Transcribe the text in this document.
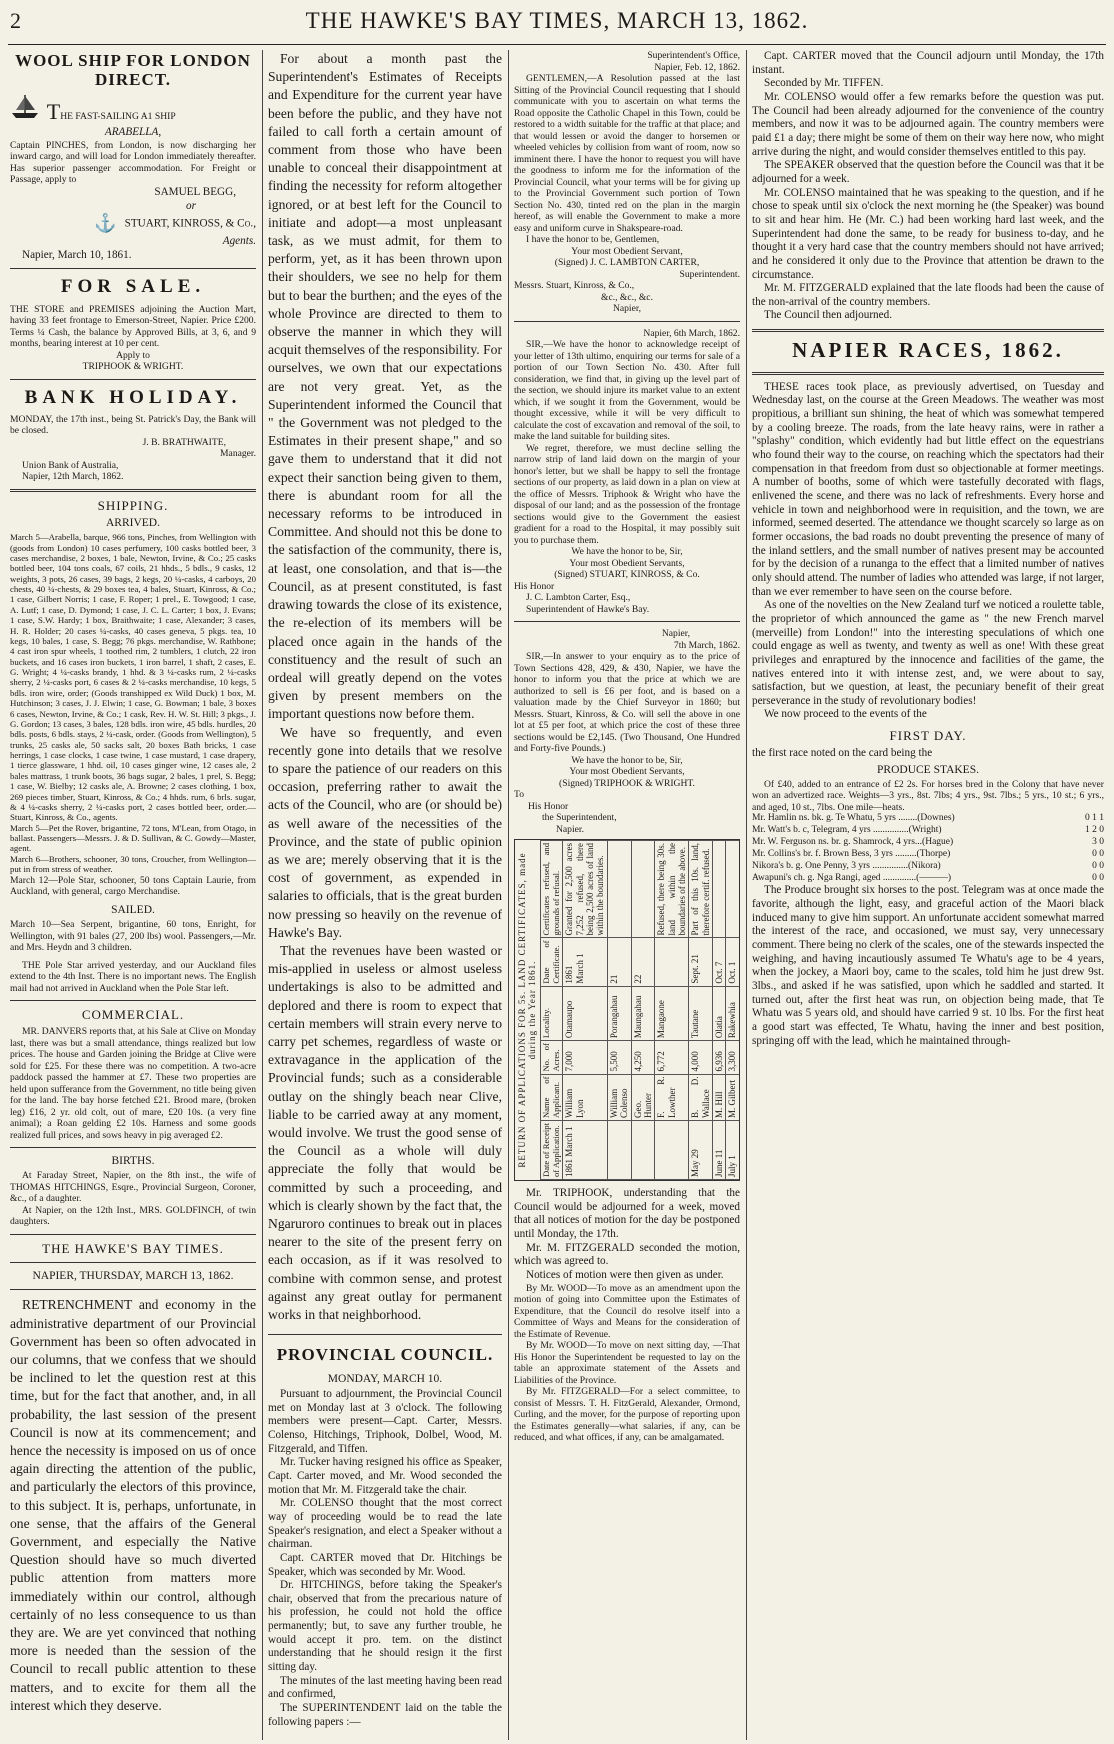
2	THE HAWKE'S BAY TIMES, MARCH 13, 1862.
WOOL SHIP FOR LONDON DIRECT.

THE FAST-SAILING A1 SHIP

ARABELLA,

Captain PINCHES, from London, is now discharging her inward cargo, and will load for London immediately thereafter. Has superior passenger accommodation. For Freight or Passage, apply to

SAMUEL BEGG,

or

⚓ STUART, KINROSS, & Co.,

Agents.

Napier, March 10, 1861.

FOR SALE.

THE STORE and PREMISES adjoining the Auction Mart, having 33 feet frontage to Emerson-Street, Napier. Price £200. Terms ¼ Cash, the balance by Approved Bills, at 3, 6, and 9 months, bearing interest at 10 per cent.

Apply to

TRIPHOOK & WRIGHT.

BANK HOLIDAY.

MONDAY, the 17th inst., being St. Patrick's Day, the Bank will be closed.

J. B. BRATHWAITE,

Manager.

Union Bank of Australia,

Napier, 12th March, 1862.

SHIPPING.
ARRIVED.

March 5—Arabella, barque, 966 tons, Pinches, from Wellington with (goods from London) 10 cases perfumery, 100 casks bottled beer, 3 cases merchandise, 2 boxes, 1 bale, Newton, Irvine, & Co.; 25 casks bottled beer, 104 tons coals, 67 coils, 21 hhds., 5 bdls., 9 casks, 12 weights, 3 pots, 26 cases, 39 bags, 2 kegs, 20 ¼-casks, 4 carboys, 20 chests, 40 ¼-chests, & 29 boxes tea, 4 bales, Stuart, Kinross, & Co.; 1 case, Gilbert Norris; 1 case, F. Roper; 1 prel., E. Towgood; 1 case, A. Lutf; 1 case, D. Dymond; 1 case, J. C. L. Carter; 1 box, J. Evans; 1 case, S.W. Hardy; 1 box, Braithwaite; 1 case, Alexander; 3 cases, H. R. Holder; 20 cases ¼-casks, 40 cases geneva, 5 pkgs. tea, 10 kegs, 10 bales, 1 case, S. Begg; 76 pkgs. merchandise, W. Rathbone; 4 cast iron spur wheels, 1 toothed rim, 2 tumblers, 1 clutch, 22 iron buckets, and 16 cases iron buckets, 1 iron barrel, 1 shaft, 2 cases, E. G. Wright; 4 ¼-casks brandy, 1 hhd. & 3 ¼-casks rum, 2 ¼-casks sherry, 2 ¼-casks port, 6 cases & 2 ¼-casks merchandise, 10 kegs, 5 bdls. iron wire, order; (Goods transhipped ex Wild Duck) 1 box, M. Hutchinson; 3 cases, J. J. Elwin; 1 case, G. Bowman; 1 bale, 3 boxes 6 cases, Newton, Irvine, & Co.; 1 cask, Rev. H. W. St. Hill; 3 pkgs., J. G. Gordon; 13 cases, 3 bales, 128 bdls. iron wire, 45 bdls. hurdles, 20 bdls. posts, 6 bdls. stays, 2 ¼-cask, order. (Goods from Wellington), 5 trunks, 25 casks ale, 50 sacks salt, 20 boxes Bath bricks, 1 case herrings, 1 case clocks, 1 case twine, 1 case mustard, 1 case drapery, 1 tierce glassware, 1 hhd. oil, 10 cases ginger wine, 12 cases ale, 2 bales mattrass, 1 trunk boots, 36 bags sugar, 2 bales, 1 prel, S. Begg; 1 case, W. Bielby; 12 casks ale, A. Browne; 2 cases clothing, 1 box, 269 pieces timber, Stuart, Kinross, & Co.; 4 hhds. rum, 6 brls. sugar, & 4 ¼-casks sherry, 2 ¼-casks port, 2 cases bottled beer, order.—Stuart, Kinross, & Co., agents.

March 5—Pet the Rover, brigantine, 72 tons, M'Lean, from Otago, in ballast. Passengers—Messrs. J. & D. Sullivan, & C. Gowdy—Master, agent.

March 6—Brothers, schooner, 30 tons, Croucher, from Wellington—put in from stress of weather.

March 12—Pole Star, schooner, 50 tons Captain Laurie, from Auckland, with general, cargo Merchandise.

SAILED.

March 10—Sea Serpent, brigantine, 60 tons, Enright, for Wellington, with 91 bales (27, 200 lbs) wool. Passengers,—Mr. and Mrs. Heydn and 3 children.

THE Pole Star arrived yesterday, and our Auckland files extend to the 4th Inst. There is no important news. The English mail had not arrived in Auckland when the Pole Star left.

COMMERCIAL.

MR. DANVERS reports that, at his Sale at Clive on Monday last, there was but a small attendance, things realized but low prices. The house and Garden joining the Bridge at Clive were sold for £25. For these there was no competition. A two-acre paddock passed the hammer at £7. These two properties are held upon sufferance from the Government, no title being given for the land. The bay horse fetched £21. Brood mare, (broken leg) £16, 2 yr. old colt, out of mare, £20 10s. (a very fine animal); a Roan gelding £2 10s. Harness and some goods realized full prices, and sows heavy in pig averaged £2.

BIRTHS.

At Faraday Street, Napier, on the 8th inst., the wife of THOMAS HITCHINGS, Esqre., Provincial Surgeon, Coroner, &c., of a daughter.

At Napier, on the 12th Inst., MRS. GOLDFINCH, of twin daughters.

THE HAWKE'S BAY TIMES.
NAPIER, THURSDAY, MARCH 13, 1862.

RETRENCHMENT and economy in the administrative department of our Provincial Government has been so often advocated in our columns, that we confess that we should be inclined to let the question rest at this time, but for the fact that another, and, in all probability, the last session of the present Council is now at its commencement; and hence the necessity is imposed on us of once again directing the attention of the public, and particularly the electors of this province, to this subject. It is, perhaps, unfortunate, in one sense, that the affairs of the General Government, and especially the Native Question should have so much diverted public attention from matters more immediately within our control, although certainly of no less consequence to us than they are. We are yet convinced that nothing more is needed than the session of the Council to recall public attention to these matters, and to excite for them all the interest which they deserve.

For about a month past the Superintendent's Estimates of Receipts and Expenditure for the current year have been before the public, and they have not failed to call forth a certain amount of comment from those who have been unable to conceal their disappointment at finding the necessity for reform altogether ignored, or at best left for the Council to initiate and adopt—a most unpleasant task, as we must admit, for them to perform, yet, as it has been thrown upon their shoulders, we see no help for them but to bear the burthen; and the eyes of the whole Province are directed to them to observe the manner in which they will acquit themselves of the responsibility. For ourselves, we own that our expectations are not very great. Yet, as the Superintendent informed the Council that " the Government was not pledged to the Estimates in their present shape," and so gave them to understand that it did not expect their sanction being given to them, there is abundant room for all the necessary reforms to be introduced in Committee. And should not this be done to the satisfaction of the community, there is, at least, one consolation, and that is—the Council, as at present constituted, is fast drawing towards the close of its existence, the re-election of its members will be placed once again in the hands of the constituency and the result of such an ordeal will greatly depend on the votes given by present members on the important questions now before them.

We have so frequently, and even recently gone into details that we resolve to spare the patience of our readers on this occasion, preferring rather to await the acts of the Council, who are (or should be) as well aware of the necessities of the Province, and the state of public opinion as we are; merely observing that it is the cost of government, as expended in salaries to officials, that is the great burden now pressing so heavily on the revenue of Hawke's Bay.

That the revenues have been wasted or mis-applied in useless or almost useless undertakings is also to be admitted and deplored and there is room to expect that certain members will strain every nerve to carry pet schemes, regardless of waste or extravagance in the application of the Provincial funds; such as a considerable outlay on the shingly beach near Clive, liable to be carried away at any moment, would involve. We trust the good sense of the Council as a whole will duly appreciate the folly that would be committed by such a proceeding, and which is clearly shown by the fact that, the Ngaruroro continues to break out in places nearer to the site of the present ferry on each occasion, as if it was resolved to combine with common sense, and protest against any great outlay for permanent works in that neighborhood.

PROVINCIAL COUNCIL.
MONDAY, MARCH 10.

Pursuant to adjournment, the Provincial Council met on Monday last at 3 o'clock. The following members were present—Capt. Carter, Messrs. Colenso, Hitchings, Triphook, Dolbel, Wood, M. Fitzgerald, and Tiffen.

Mr. Tucker having resigned his office as Speaker, Capt. Carter moved, and Mr. Wood seconded the motion that Mr. M. Fitzgerald take the chair.

Mr. COLENSO thought that the most correct way of proceeding would be to read the late Speaker's resignation, and elect a Speaker without a chairman.

Capt. CARTER moved that Dr. Hitchings be Speaker, which was seconded by Mr. Wood.

Dr. HITCHINGS, before taking the Speaker's chair, observed that from the precarious nature of his profession, he could not hold the office permanently; but, to save any further trouble, he would accept it pro. tem. on the distinct understanding that he should resign it the first sitting day.

The minutes of the last meeting having been read and confirmed,

The SUPERINTENDENT laid on the table the following papers :—

Superintendent's Office,

Napier, Feb. 12, 1862.

GENTLEMEN,—A Resolution passed at the last Sitting of the Provincial Council requesting that I should communicate with you to ascertain on what terms the Road opposite the Catholic Chapel in this Town, could be restored to a width suitable for the traffic at that place; and that would lessen or avoid the danger to horsemen or wheeled vehicles by collision from want of room, now so imminent there. I have the honor to request you will have the goodness to inform me for the information of the Provincial Council, what your terms will be for giving up to the Provincial Government such portion of Town Section No. 430, tinted red on the plan in the margin hereof, as will enable the Government to make a more easy and uniform curve in Shakspeare-road.

I have the honor to be, Gentlemen,

Your most Obedient Servant,

(Signed) J. C. LAMBTON CARTER,

Superintendent.

Messrs. Stuart, Kinross, & Co.,

&c., &c., &c.

Napier,

Napier, 6th March, 1862.

SIR,—We have the honor to acknowledge receipt of your letter of 13th ultimo, enquiring our terms for sale of a portion of our Town Section No. 430. After full consideration, we find that, in giving up the level part of the section, we should injure its market value to an extent which, if we sought it from the Government, would be thought excessive, while it will be very difficult to calculate the cost of excavation and removal of the soil, to make the land suitable for building sites.

We regret, therefore, we must decline selling the narrow strip of land laid down on the margin of your honor's letter, but we shall be happy to sell the frontage sections of our property, as laid down in a plan on view at the office of Messrs. Triphook & Wright who have the disposal of our land; and as the possession of the frontage sections would give to the Government the easiest gradient for a road to the Hospital, it may possibly suit you to purchase them.

We have the honor to be, Sir,

Your most Obedient Servants,

(Signed) STUART, KINROSS, & Co.

His Honor

J. C. Lambton Carter, Esq.,

Superintendent of Hawke's Bay.

Napier,

7th March, 1862.

SIR,—In answer to your enquiry as to the price of Town Sections 428, 429, & 430, Napier, we have the honor to inform you that the price at which we are authorized to sell is £6 per foot, and is based on a valuation made by the Chief Surveyor in 1860; but Messrs. Stuart, Kinross, & Co. will sell the above in one lot at £5 per foot, at which price the cost of these three sections would be £2,145. (Two Thousand, One Hundred and Forty-five Pounds.)

We have the honor to be, Sir,

Your most Obedient Servants,

(Signed) TRIPHOOK & WRIGHT.

To

His Honor

the Superintendent,

Napier.

RETURN OF APPLICATIONS FOR 5s. LAND CERTIFICATES, made during the Year 1861.
Date of Receipt of Application.	Name of Applicant.	No. of Acres.	Locality.	Date of Certificate.	Certificates refused, and grounds of refusal.
1861 March 1	William Lyon	7,000	Otamaupo	1861 March 1	Granted for 2,500 acres 7,252 refused, there being 2,500 acres of land within the boundaries.
	William Colenso	5,500	Porangahau	21	
	Geo. Hunter	4,250	Maungahau	22	
	F. R. Lowther	6,772	Mangaone		Refused, there being 30s. land within the boundaries of the above.
May 29	B. D. Wallace	4,000	Tautane	Sept. 21	Part of this 10s. land, therefore certif. refused.
June 11	M. Hill	6,936	Olatia	Oct. 7	
July 1	M. Gilbert	3,300	Rakewhia	Oct. 1	

Mr. TRIPHOOK, understanding that the Council would be adjourned for a week, moved that all notices of motion for the day be postponed until Monday, the 17th.

Mr. M. FITZGERALD seconded the motion, which was agreed to.

Notices of motion were then given as under.

By Mr. WOOD—To move as an amendment upon the motion of going into Committee upon the Estimates of Expenditure, that the Council do resolve itself into a Committee of Ways and Means for the consideration of the Estimate of Revenue.

By Mr. WOOD—To move on next sitting day, —That His Honor the Superintendent be requested to lay on the table an approximate statement of the Assets and Liabilities of the Province.

By Mr. FITZGERALD—For a select committee, to consist of Messrs. T. H. FitzGerald, Alexander, Ormond, Curling, and the mover, for the purpose of reporting upon the Estimates generally—what salaries, if any, can be reduced, and what offices, if any, can be amalgamated.

Capt. CARTER moved that the Council adjourn until Monday, the 17th instant.

Seconded by Mr. TIFFEN.

Mr. COLENSO would offer a few remarks before the question was put. The Council had been already adjourned for the convenience of the country members, and now it was to be adjourned again. The country members were paid £1 a day; there might be some of them on their way here now, who might arrive during the night, and would consider themselves entitled to this pay.

The SPEAKER observed that the question before the Council was that it be adjourned for a week.

Mr. COLENSO maintained that he was speaking to the question, and if he chose to speak until six o'clock the next morning he (the Speaker) was bound to sit and hear him. He (Mr. C.) had been working hard last week, and the Superintendent had done the same, to be ready for business to-day, and he thought it a very hard case that the country members should not have arrived; and he considered it only due to the Province that attention be drawn to the circumstance.

Mr. M. FITZGERALD explained that the late floods had been the cause of the non-arrival of the country members.

The Council then adjourned.

NAPIER RACES, 1862.

THESE races took place, as previously advertised, on Tuesday and Wednesday last, on the course at the Green Meadows. The weather was most propitious, a brilliant sun shining, the heat of which was somewhat tempered by a cooling breeze. The roads, from the late heavy rains, were in rather a "splashy" condition, which evidently had but little effect on the equestrians who found their way to the course, on reaching which the spectators had their compensation in that freedom from dust so objectionable at former meetings. A number of booths, some of which were tastefully decorated with flags, enlivened the scene, and there was no lack of refreshments. Every horse and vehicle in town and neighborhood were in requisition, and the town, we are informed, seemed deserted. The attendance we thought scarcely so large as on former occasions, the bad roads no doubt preventing the presence of many of the inland settlers, and the small number of natives present may be accounted for by the decision of a runanga to the effect that a limited number of natives only should attend. The number of ladies who attended was large, if not larger, than we ever remember to have seen on the course before.

As one of the novelties on the New Zealand turf we noticed a roulette table, the proprietor of which announced the game as " the new French marvel (merveille) from London!" into the interesting speculations of which one could engage as well as twenty, and twenty as well as one! With these great privileges and enraptured by the innocence and facilities of the game, the natives entered into it with intense zest, and, we were about to say, satisfaction, but we question, at least, the pecuniary benefit of their great perseverance in the study of revolutionary bodies!

We now proceed to the events of the

FIRST DAY.

the first race noted on the card being the

PRODUCE STAKES.

Of £40, added to an entrance of £2 2s. For horses bred in the Colony that have never won an advertized race. Weights—3 yrs., 8st. 7lbs; 4 yrs., 9st. 7lbs.; 5 yrs., 10 st.; 6 yrs., and aged, 10 st., 7lbs. One mile—heats.

Mr. Hamlin ns. bk. g. Te Whatu, 5 yrs ........(Downes)	0 1 1
Mr. Watt's b. c, Telegram, 4 yrs ...............(Wright)	1 2 0
Mr. W. Ferguson ns. br. g. Shamrock, 4 yrs...(Hague)	3 0
Mr. Collins's br. f. Brown Bess, 3 yrs .........(Thorpe)	0 0
Nikora's b. g. One Penny, 3 yrs ...............(Nikora)	0 0
Awapuni's ch. g. Nga Rangi, aged ..............(———)	0 0

The Produce brought six horses to the post. Telegram was at once made the favorite, although the light, easy, and graceful action of the Maori black induced many to give him support. An unfortunate accident somewhat marred the interest of the race, and occasioned, we must say, very unnecessary comment. There being no clerk of the scales, one of the stewards inspected the weighing, and having incautiously assumed Te Whatu's age to be 4 years, when the jockey, a Maori boy, came to the scales, told him he just drew 9st. 3lbs., and asked if he was satisfied, upon which he saddled and started. It turned out, after the first heat was run, on objection being made, that Te Whatu was 5 years old, and should have carried 9 st. 10 lbs. For the first heat a good start was effected, Te Whatu, having the inner and best position, springing off with the lead, which he maintained through-
